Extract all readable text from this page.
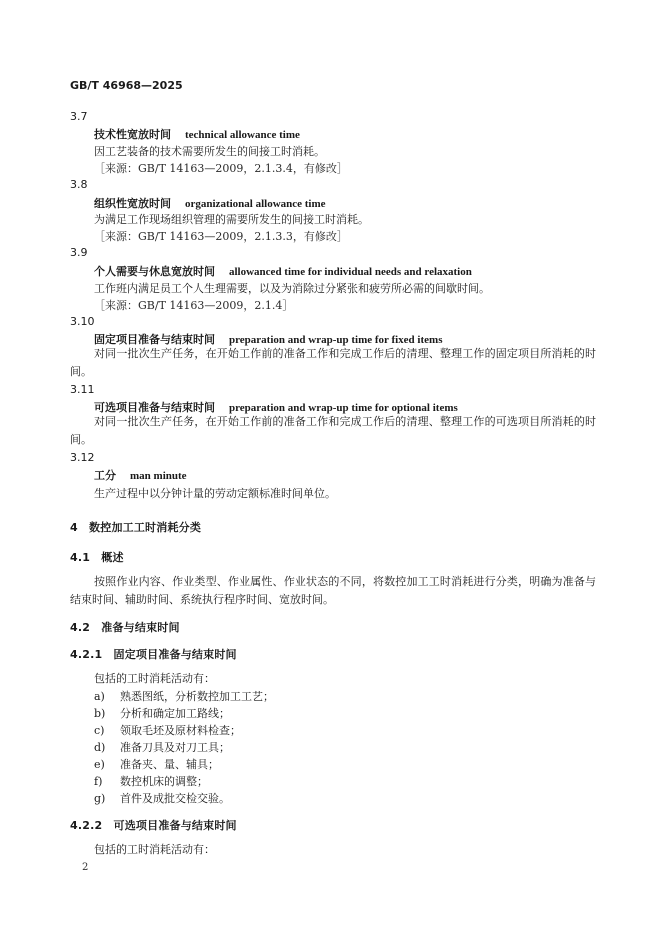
GB/T 46968—2025
3.7
技术性宽放时间 technical allowance time
因工艺装备的技术需要所发生的间接工时消耗。
［来源：GB/T 14163—2009，2.1.3.4，有修改］
3.8
组织性宽放时间 organizational allowance time
为满足工作现场组织管理的需要所发生的间接工时消耗。
［来源：GB/T 14163—2009，2.1.3.3，有修改］
3.9
个人需要与休息宽放时间 allowanced time for individual needs and relaxation
工作班内满足员工个人生理需要，以及为消除过分紧张和疲劳所必需的间歇时间。
［来源：GB/T 14163—2009，2.1.4］
3.10
固定项目准备与结束时间 preparation and wrap-up time for fixed items
对同一批次生产任务，在开始工作前的准备工作和完成工作后的清理、整理工作的固定项目所消耗的时间。
3.11
可选项目准备与结束时间 preparation and wrap-up time for optional items
对同一批次生产任务，在开始工作前的准备工作和完成工作后的清理、整理工作的可选项目所消耗的时间。
3.12
工分 man minute
生产过程中以分钟计量的劳动定额标准时间单位。
4　数控加工工时消耗分类
4.1　概述
按照作业内容、作业类型、作业属性、作业状态的不同，将数控加工工时消耗进行分类，明确为准备与结束时间、辅助时间、系统执行程序时间、宽放时间。
4.2　准备与结束时间
4.2.1　固定项目准备与结束时间
包括的工时消耗活动有：
a) 熟悉图纸，分析数控加工工艺；
b) 分析和确定加工路线；
c) 领取毛坯及原材料检查；
d) 准备刀具及对刀工具；
e) 准备夹、量、辅具；
f) 数控机床的调整；
g) 首件及成批交检交验。
4.2.2　可选项目准备与结束时间
包括的工时消耗活动有：
2
